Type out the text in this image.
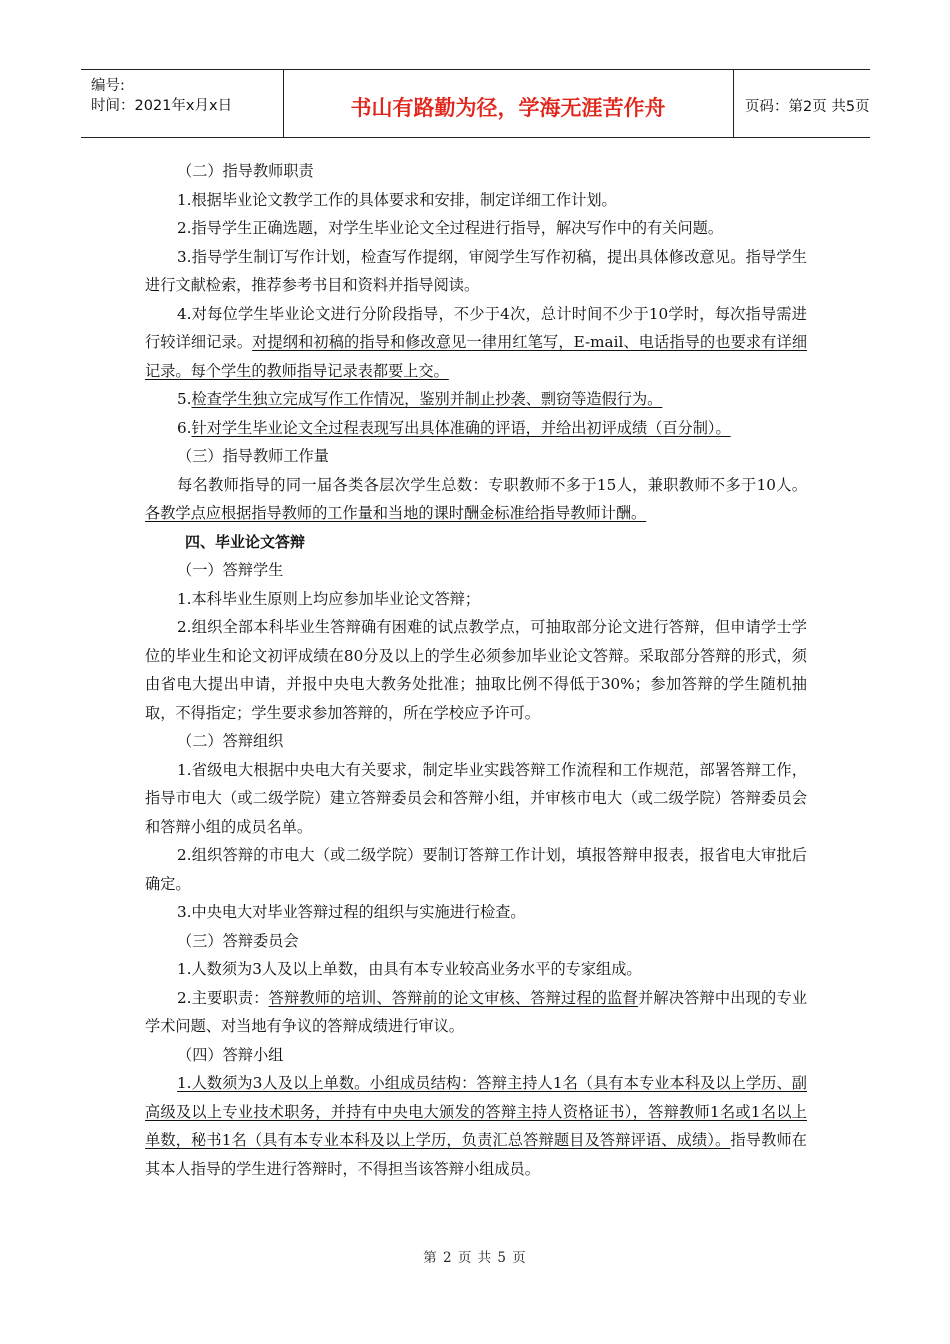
编号:
时间：2021年x月x日	书山有路勤为径，学海无涯苦作舟	页码：第2页 共5页

（二）指导教师职责

1.根据毕业论文教学工作的具体要求和安排，制定详细工作计划。

2.指导学生正确选题，对学生毕业论文全过程进行指导，解决写作中的有关问题。

3.指导学生制订写作计划，检查写作提纲，审阅学生写作初稿，提出具体修改意见。指导学生进行文献检索，推荐参考书目和资料并指导阅读。

4.对每位学生毕业论文进行分阶段指导，不少于4次，总计时间不少于10学时，每次指导需进行较详细记录。对提纲和初稿的指导和修改意见一律用红笔写，E-mail、电话指导的也要求有详细记录。每个学生的教师指导记录表都要上交。

5.检查学生独立完成写作工作情况，鉴别并制止抄袭、剽窃等造假行为。

6.针对学生毕业论文全过程表现写出具体准确的评语，并给出初评成绩（百分制）。

（三）指导教师工作量

每名教师指导的同一届各类各层次学生总数：专职教师不多于15人，兼职教师不多于10人。各教学点应根据指导教师的工作量和当地的课时酬金标准给指导教师计酬。

四、毕业论文答辩

（一）答辩学生

1.本科毕业生原则上均应参加毕业论文答辩；

2.组织全部本科毕业生答辩确有困难的试点教学点，可抽取部分论文进行答辩，但申请学士学位的毕业生和论文初评成绩在80分及以上的学生必须参加毕业论文答辩。采取部分答辩的形式，须由省电大提出申请，并报中央电大教务处批准；抽取比例不得低于30%；参加答辩的学生随机抽取，不得指定；学生要求参加答辩的，所在学校应予许可。

（二）答辩组织

1.省级电大根据中央电大有关要求，制定毕业实践答辩工作流程和工作规范，部署答辩工作，指导市电大（或二级学院）建立答辩委员会和答辩小组，并审核市电大（或二级学院）答辩委员会和答辩小组的成员名单。

2.组织答辩的市电大（或二级学院）要制订答辩工作计划，填报答辩申报表，报省电大审批后确定。

3.中央电大对毕业答辩过程的组织与实施进行检查。

（三）答辩委员会

1.人数须为3人及以上单数，由具有本专业较高业务水平的专家组成。

2.主要职责：答辩教师的培训、答辩前的论文审核、答辩过程的监督并解决答辩中出现的专业学术问题、对当地有争议的答辩成绩进行审议。

（四）答辩小组

1.人数须为3人及以上单数。小组成员结构：答辩主持人1名（具有本专业本科及以上学历、副高级及以上专业技术职务，并持有中央电大颁发的答辩主持人资格证书），答辩教师1名或1名以上单数，秘书1名（具有本专业本科及以上学历，负责汇总答辩题目及答辩评语、成绩）。指导教师在其本人指导的学生进行答辩时，不得担当该答辩小组成员。

第 2 页 共 5 页
